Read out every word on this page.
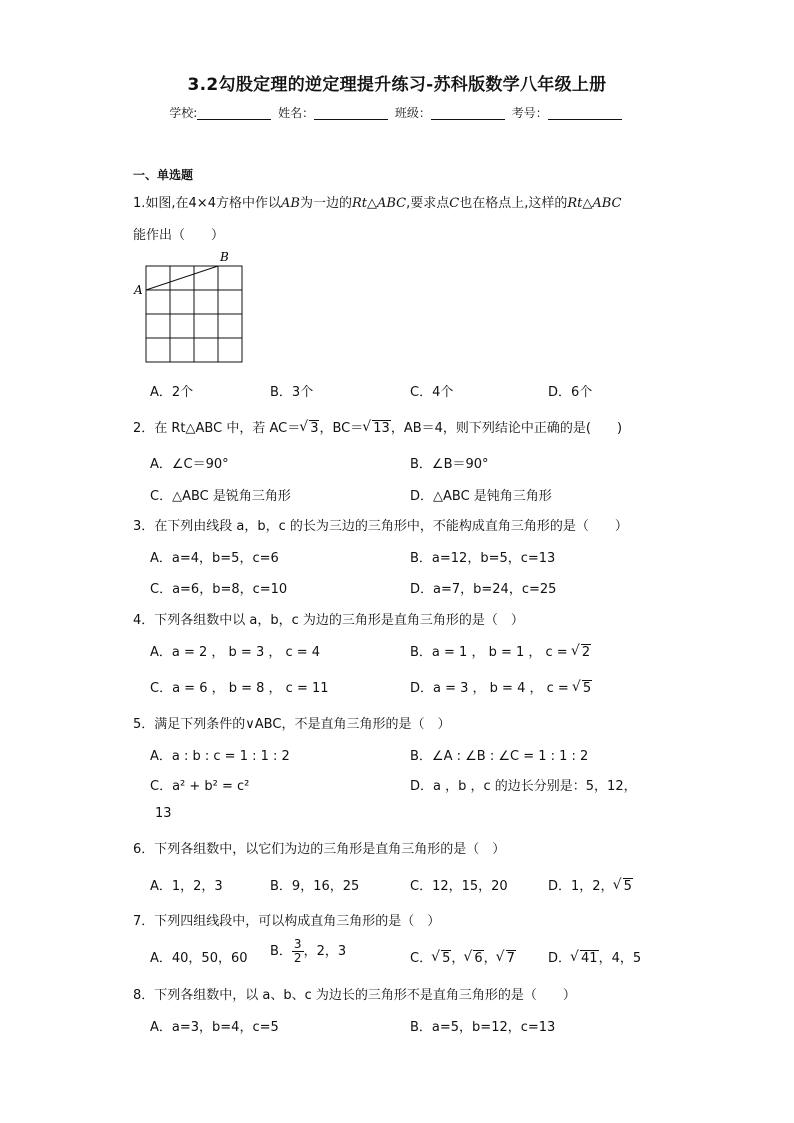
3.2勾股定理的逆定理提升练习-苏科版数学八年级上册
学校:	姓名：	班级：	考号：
一、单选题
1.如图,在4×4方格中作以AB为一边的Rt△ABC,要求点C也在格点上,这样的Rt△ABC
能作出（　　）
A
B
A．2个	B．3个	C．4个	D．6个
2．在 Rt△ABC 中，若 AC＝ √ 3，BC＝ √ 13，AB＝4，则下列结论中正确的是(　　)
A．∠C＝90°	B．∠B＝90°
C．△ABC 是锐角三角形	D．△ABC 是钝角三角形
3．在下列由线段 a，b，c 的长为三边的三角形中，不能构成直角三角形的是（　　）
A．a=4，b=5，c=6	B．a=12，b=5，c=13
C．a=6，b=8，c=10	D．a=7，b=24，c=25
4．下列各组数中以 a，b，c 为边的三角形是直角三角形的是（　）
A．a = 2 ， b = 3 ， c = 4	B．a = 1 ， b = 1 ， c = √ 2
C．a = 6 ， b = 8 ， c = 11	D．a = 3 ， b = 4 ， c = √ 5
5．满足下列条件的∨ABC，不是直角三角形的是（　）
A．a : b : c = 1 : 1 : 2	B．∠A : ∠B : ∠C = 1 : 1 : 2
C．a² + b² = c²	D．a ，b ，c 的边长分别是：5，12，
13
6．下列各组数中，以它们为边的三角形是直角三角形的是（　）
A．1，2，3	B．9，16，25	C．12，15，20	D．1，2， √ 5
7．下列四组线段中，可以构成直角三角形的是（　）
A．40，50，60 B． $\frac{3}{2}$ ，2，3	C． √ 5， √ 6， √ 7	D． √ 41，4，5
8．下列各组数中，以 a、b、c 为边长的三角形不是直角三角形的是（　　）
A．a=3，b=4，c=5	B．a=5，b=12，c=13
